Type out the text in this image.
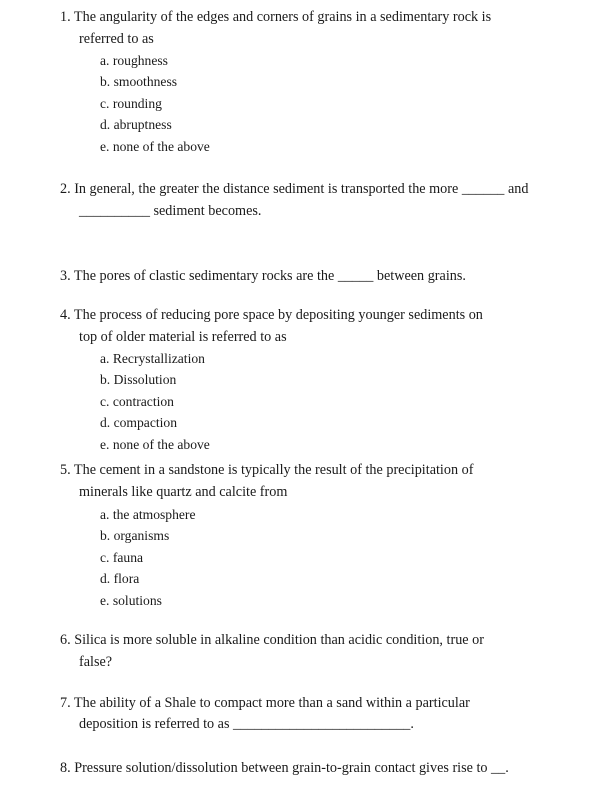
1. The angularity of the edges and corners of grains in a sedimentary rock is
referred to as
a. roughness
b. smoothness
c. rounding
d. abruptness
e. none of the above
2. In general, the greater the distance sediment is transported the more ______ and
__________ sediment becomes.
3. The pores of clastic sedimentary rocks are the _____ between grains.
4. The process of reducing pore space by depositing younger sediments on
top of older material is referred to as
a. Recrystallization
b. Dissolution
c. contraction
d. compaction
e. none of the above
5. The cement in a sandstone is typically the result of the precipitation of
minerals like quartz and calcite from
a. the atmosphere
b. organisms
c. fauna
d. flora
e. solutions
6. Silica is more soluble in alkaline condition than acidic condition, true or
false?
7. The ability of a Shale to compact more than a sand within a particular
deposition is referred to as _________________________.
8. Pressure solution/dissolution between grain-to-grain contact gives rise to __.
